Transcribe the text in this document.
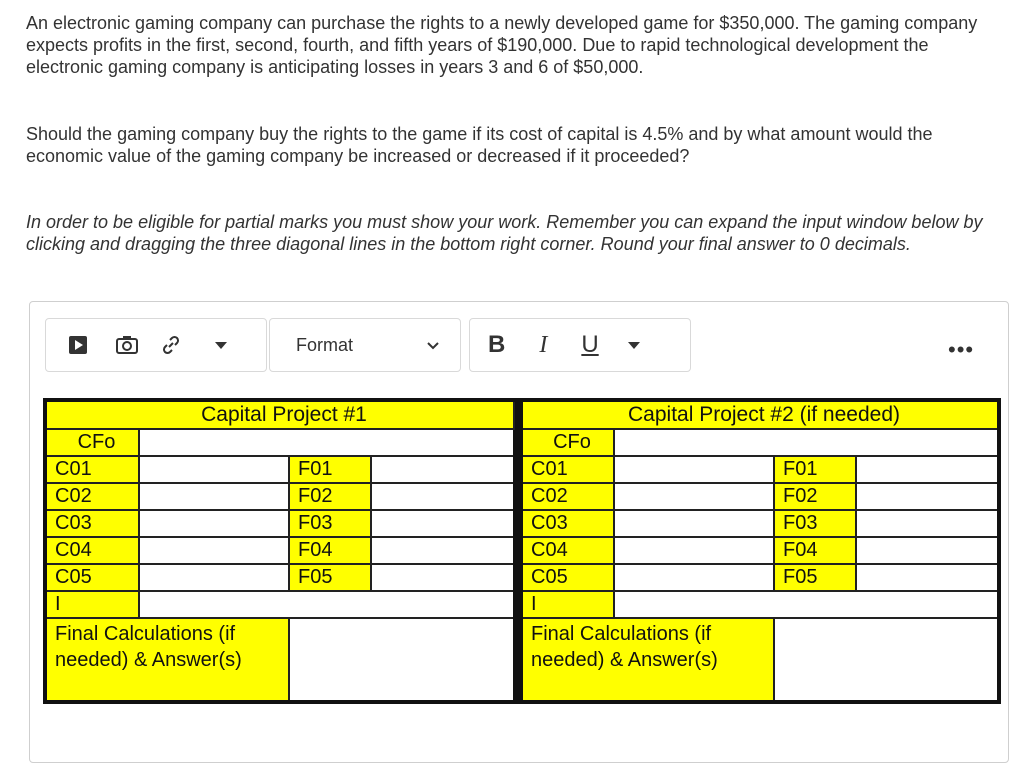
An electronic gaming company can purchase the rights to a newly developed game for $350,000. The gaming company expects profits in the first, second, fourth, and fifth years of $190,000. Due to rapid technological development the electronic gaming company is anticipating losses in years 3 and 6 of $50,000.

Should the gaming company buy the rights to the game if its cost of capital is 4.5% and by what amount would the economic value of the gaming company be increased or decreased if it proceeded?

In order to be eligible for partial marks you must show your work. Remember you can expand the input window below by clicking and dragging the three diagonal lines in the bottom right corner. Round your final answer to 0 decimals.

Format	B I U	•••
Capital Project #1					Capital Project #2 (if needed)			
CFo					CFo			
C01		F01			C01		F01	
C02		F02			C02		F02	
C03		F03			C03		F03	
C04		F04			C04		F04	
C05		F05			C05		F05	
I					I			
Final Calculations (if needed) & Answer(s)					Final Calculations (if needed) & Answer(s)			
